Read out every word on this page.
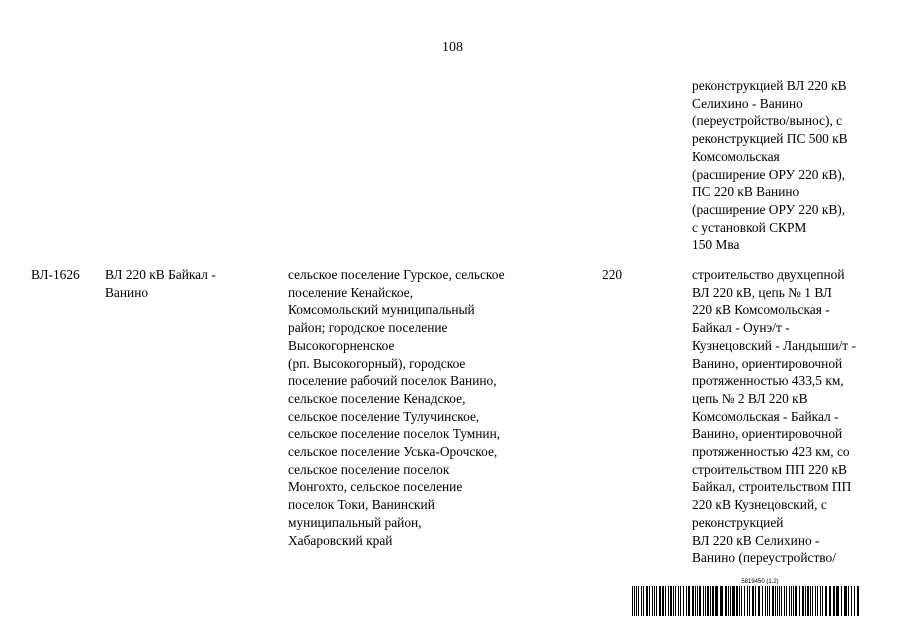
108
реконструкцией ВЛ 220 кВ
Селихино - Ванино
(переустройство/вынос), с
реконструкцией ПС 500 кВ
Комсомольская
(расширение ОРУ 220 кВ),
ПС 220 кВ Ванино
(расширение ОРУ 220 кВ),
с установкой СКРМ
150 Мва
ВЛ-1626	ВЛ 220 кВ Байкал -
Ванино
сельское поселение Гурское, сельское
поселение Кенайское,
Комсомольский муниципальный
район; городское поселение
Высокогорненское
(рп. Высокогорный), городское
поселение рабочий поселок Ванино,
сельское поселение Кенадское,
сельское поселение Тулучинское,
сельское поселение поселок Тумнин,
сельское поселение Уська-Орочское,
сельское поселение поселок
Монгохто, сельское поселение
поселок Токи, Ванинский
муниципальный район,
Хабаровский край
220	строительство двухцепной
ВЛ 220 кВ, цепь № 1 ВЛ
220 кВ Комсомольская -
Байкал - Оунэ/т -
Кузнецовский - Ландыши/т -
Ванино, ориентировочной
протяженностью 433,5 км,
цепь № 2 ВЛ 220 кВ
Комсомольская - Байкал -
Ванино, ориентировочной
протяженностью 423 км, со
строительством ПП 220 кВ
Байкал, строительством ПП
220 кВ Кузнецовский, с
реконструкцией
ВЛ 220 кВ Селихино -
Ванино (переустройство/
5819450 (1.2)
